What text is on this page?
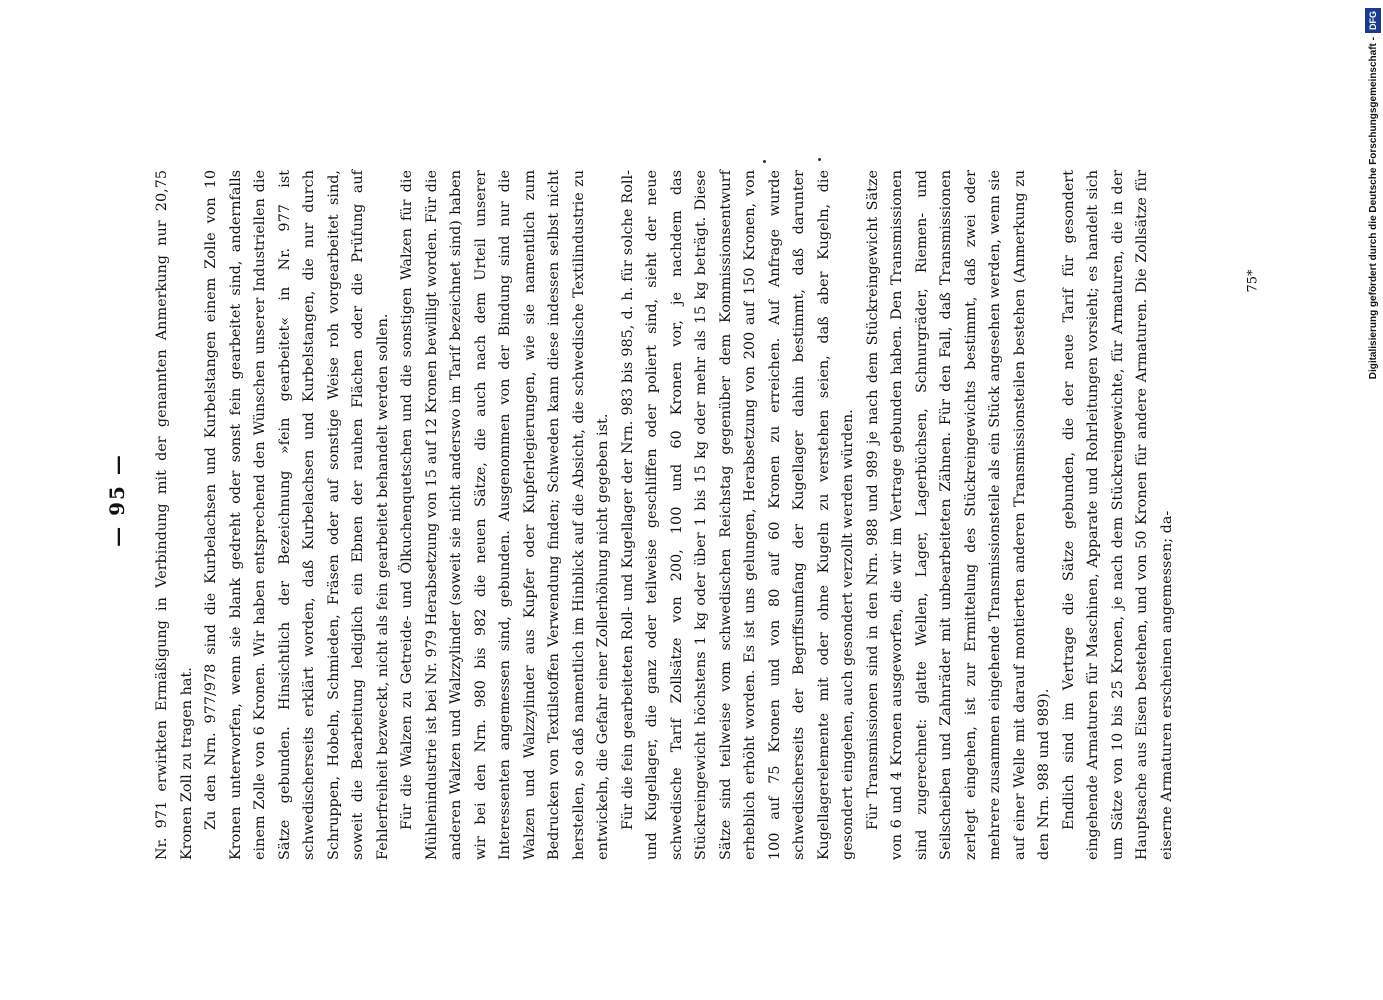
— 95 — Nr. 971 erwirkten Ermäßigung in Verbindung mit der genannten Anmerkung nur 20,75 Kronen Zoll zu tragen hat. Zu den Nrn. 977/978 sind die Kurbelachsen und Kurbelstangen einem Zolle von 10 Kronen unterworfen, wenn sie blank gedreht oder sonst fein gearbeitet sind, andernfalls einem Zolle von 6 Kronen. Wir haben entsprechend den Wünschen unserer Industriellen die Sätze gebunden. Hinsichtlich der Bezeichnung »fein gearbeitet« in Nr. 977 ist schwedischerseits erklärt worden, daß Kurbelachsen und Kurbelstangen, die nur durch Schruppen, Hobeln, Schmieden, Fräsen oder auf sonstige Weise roh vorgearbeitet sind, soweit die Bearbeitung lediglich ein Ebnen der rauhen Flächen oder die Prüfung auf Fehlerfreiheit bezweckt, nicht als fein gearbeitet behandelt werden sollen. Für die Walzen zu Getreide- und Ölkuchenquetschen und die sonstigen Walzen für die Mühlenindustrie ist bei Nr. 979 Herabsetzung von 15 auf 12 Kronen bewilligt worden. Für die anderen Walzen und Walzzylinder (soweit sie nicht anderswo im Tarif bezeichnet sind) haben wir bei den Nrn. 980 bis 982 die neuen Sätze, die auch nach dem Urteil unserer Interessenten angemessen sind, gebunden. Ausgenommen von der Bindung sind nur die Walzen und Walzzylinder aus Kupfer oder Kupferlegierungen, wie sie namentlich zum Bedrucken von Textilstoffen Verwendung finden; Schweden kann diese indessen selbst nicht herstellen, so daß namentlich im Hinblick auf die Absicht, die schwedische Textilindustrie zu entwickeln, die Gefahr einer Zollerhöhung nicht gegeben ist. Für die fein gearbeiteten Roll- und Kugellager der Nrn. 983 bis 985, d. h. für solche Roll- und Kugellager, die ganz oder teilweise geschliffen oder poliert sind, sieht der neue schwedische Tarif Zollsätze von 200, 100 und 60 Kronen vor, je nachdem das Stückreingewicht höchstens 1 kg oder über 1 bis 15 kg oder mehr als 15 kg beträgt. Diese Sätze sind teilweise vom schwedischen Reichstag gegenüber dem Kommissionsentwurf erheblich erhöht worden. Es ist uns gelungen, Herabsetzung von 200 auf 150 Kronen, von 100 auf 75 Kronen und von 80 auf 60 Kronen zu erreichen. Auf Anfrage wurde schwedischerseits der Begriffsumfang der Kugellager dahin bestimmt, daß darunter Kugellagerelemente mit oder ohne Kugeln zu verstehen seien, daß aber Kugeln, die gesondert eingehen, auch gesondert verzollt werden würden. Für Transmissionen sind in den Nrn. 988 und 989 je nach dem Stückreingewicht Sätze von 6 und 4 Kronen ausgeworfen, die wir im Vertrage gebunden haben. Den Transmissionen sind zugerechnet: glatte Wellen, Lager, Lagerbüchsen, Schnurgräder, Riemen- und Seilscheiben und Zahnräder mit unbearbeiteten Zähnen. Für den Fall, daß Transmissionen zerlegt eingehen, ist zur Ermittelung des Stückreingewichts bestimmt, daß zwei oder mehrere zusammen eingehende Transmissionsteile als ein Stück angesehen werden, wenn sie auf einer Welle mit darauf montierten anderen Transmissionsteilen bestehen (Anmerkung zu den Nrn. 988 und 989). Endlich sind im Vertrage die Sätze gebunden, die der neue Tarif für gesondert eingehende Armaturen für Maschinen, Apparate und Rohrleitungen vorsieht; es handelt sich um Sätze von 10 bis 25 Kronen, je nach dem Stückreingewichte, für Armaturen, die in der Hauptsache aus Eisen bestehen, und von 50 Kronen für andere Armaturen. Die Zollsätze für eiserne Armaturen erscheinen angemessen; da-

75*	Digitalisierung gefördert durch die Deutsche Forschungsgemeinschaft -DFG
